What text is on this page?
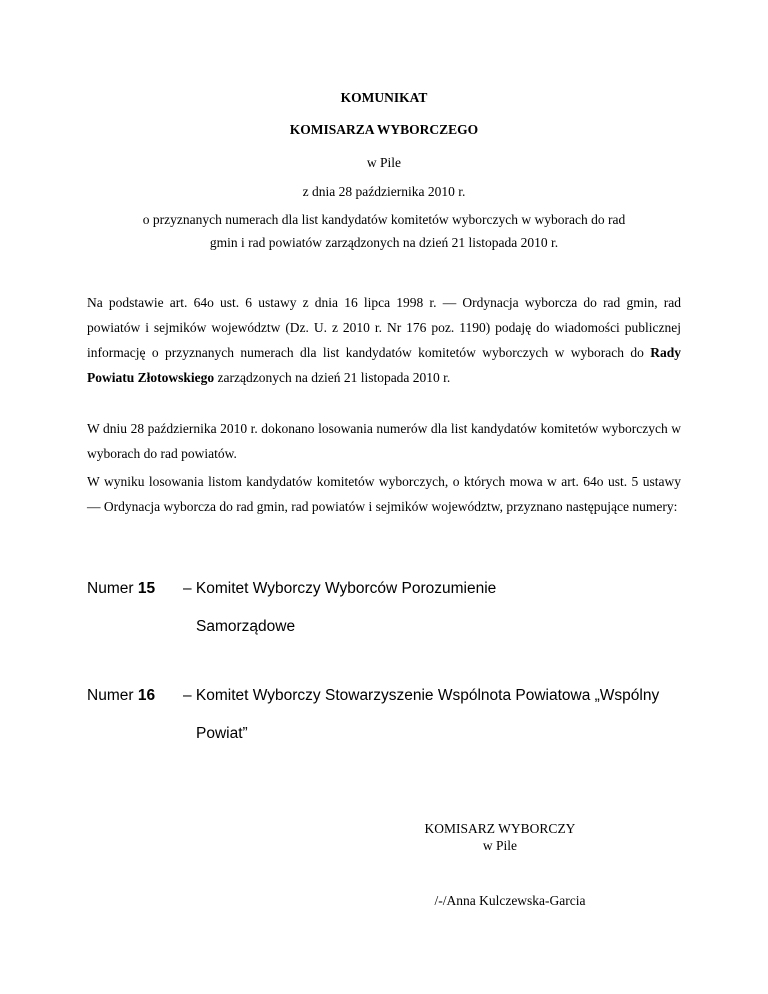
KOMUNIKAT
KOMISARZA WYBORCZEGO
w Pile
z dnia 28 października 2010 r.
o przyznanych numerach dla list kandydatów komitetów wyborczych w wyborach do rad
gmin i rad powiatów zarządzonych na dzień 21 listopada 2010 r.
Na podstawie art. 64o ust. 6 ustawy z dnia 16 lipca 1998 r. — Ordynacja wyborcza do rad gmin, rad powiatów i sejmików województw (Dz. U. z 2010 r. Nr 176 poz. 1190) podaję do wiadomości publicznej informację o przyznanych numerach dla list kandydatów komitetów wyborczych w wyborach do Rady Powiatu Złotowskiego zarządzonych na dzień 21 listopada 2010 r.
W dniu 28 października 2010 r. dokonano losowania numerów dla list kandydatów komitetów wyborczych w wyborach do rad powiatów.
W wyniku losowania listom kandydatów komitetów wyborczych, o których mowa w art. 64o ust. 5 ustawy — Ordynacja wyborcza do rad gmin, rad powiatów i sejmików województw, przyznano następujące numery:
Numer 15 – Komitet Wyborczy Wyborców Porozumienie
Samorządowe
Numer 16 – Komitet Wyborczy Stowarzyszenie Wspólnota Powiatowa „Wspólny
Powiat”
KOMISARZ WYBORCZY
w Pile
/-/Anna Kulczewska-Garcia
